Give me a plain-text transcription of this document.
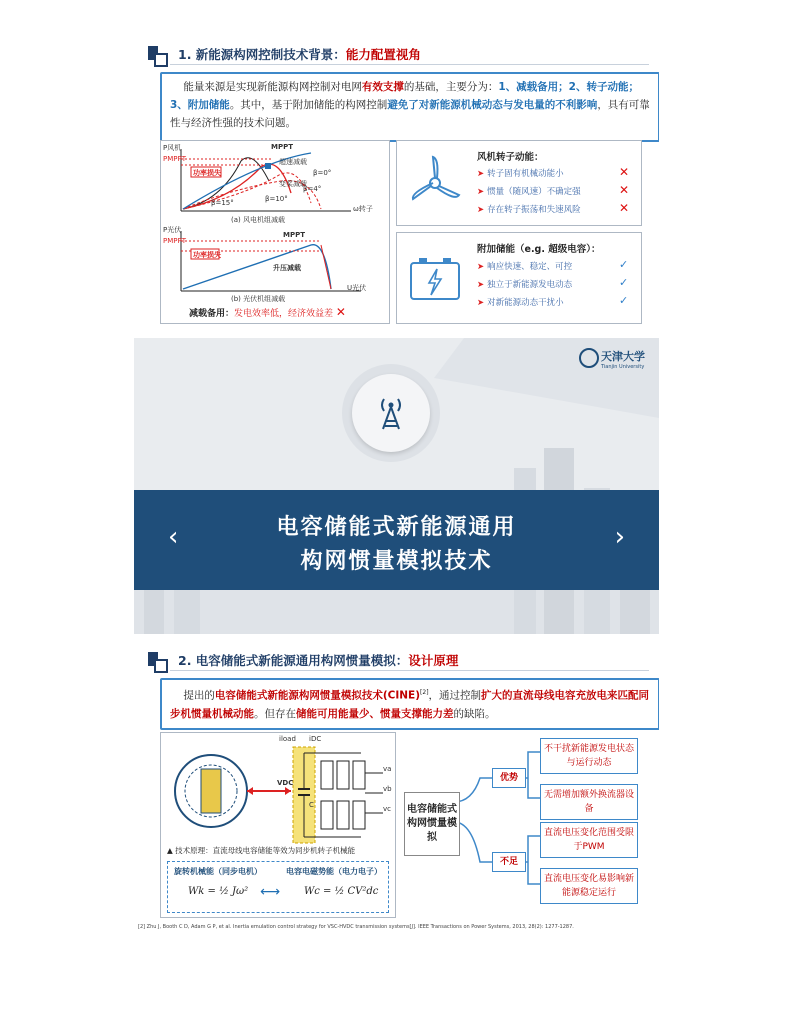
1. 新能源构网控制技术背景：能力配置视角
能量来源是实现新能源构网控制对电网有效支撑的基础，主要分为：1、减载备用；2、转子动能；3、附加储能。其中，基于附加储能的构网控制避免了对新能源机械动态与发电量的不利影响，具有可靠性与经济性强的技术问题。
P风机
PMPPT
MPPT
超速减载
功率损失
变桨减载
β=0°
β=4°
β=10°
β=15°
ω转子
(a) 风电机组减载
P光伏
PMPPT
MPPT
功率损失
升压减载
U光伏
(b) 光伏机组减载
减载备用：发电效率低，经济效益差 ✕
风机转子动能：
➤ 转子固有机械动能小
➤ 惯量（随风速）不确定强
➤ 存在转子振荡和失速风险
✕
✕
✕
附加储能（e.g. 超级电容）：
➤ 响应快速、稳定、可控
➤ 独立于新能源发电动态
➤ 对新能源动态干扰小
✓
✓
✓
天津大学
Tianjin University
电容储能式新能源通用
构网惯量模拟技术
‹	›
2. 电容储能式新能源通用构网惯量模拟：设计原理
提出的电容储能式新能源构网惯量模拟技术(CINE)[2]，通过控制扩大的直流母线电容充放电来匹配同步机惯量机械动能。但存在储能可用能量少、惯量支撑能力差的缺陷。
iload iDC
VDC
C
va
vb
vc
▲ 技术原理：直流母线电容储能等效为同步机转子机械能
旋转机械能（同步电机）	电容电磁势能（电力电子）
Wk = ½ Jω² ⟷ Wc = ½ CV²dc
电容储能式构网惯量模拟
优势
不足
不干扰新能源发电状态与运行动态
无需增加额外换流器设备
直流电压变化范围受限于PWM
直流电压变化易影响新能源稳定运行
[2] Zhu J, Booth C D, Adam G P, et al. Inertia emulation control strategy for VSC-HVDC transmission systems[J]. IEEE Transactions on Power Systems, 2013, 28(2): 1277-1287.
